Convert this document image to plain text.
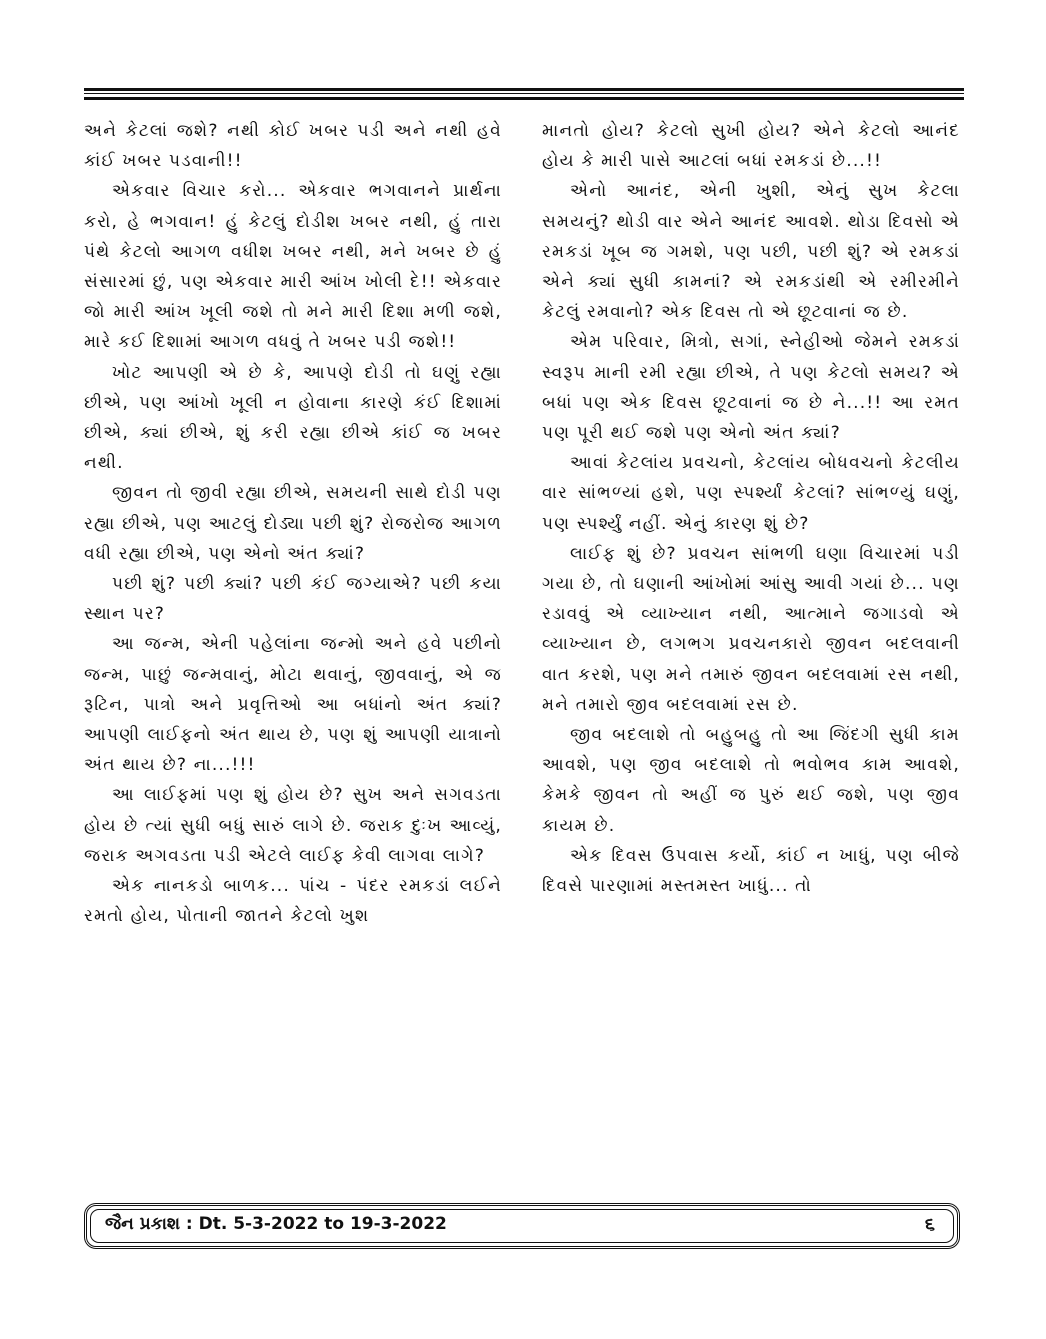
અને કેટલાં જશે? નથી કોઈ ખબર પડી અને નથી હવે કાંઈ ખબર પડવાની!!

એકવાર વિચાર કરો... એકવાર ભગવાનને પ્રાર્થના કરો, હે ભગવાન! હું કેટલું દોડીશ ખબર નથી, હું તારા પંથે કેટલો આગળ વધીશ ખબર નથી, મને ખબર છે હું સંસારમાં છું, પણ એકવાર મારી આંખ ખોલી દે!! એકવાર જો મારી આંખ ખૂલી જશે તો મને મારી દિશા મળી જશે, મારે કઈ દિશામાં આગળ વધવું તે ખબર પડી જશે!!

ખોટ આપણી એ છે કે, આપણે દોડી તો ઘણું રહ્યા છીએ, પણ આંખો ખૂલી ન હોવાના કારણે કંઈ દિશામાં છીએ, ક્યાં છીએ, શું કરી રહ્યા છીએ કાંઈ જ ખબર નથી.

જીવન તો જીવી રહ્યા છીએ, સમયની સાથે દોડી પણ રહ્યા છીએ, પણ આટલું દોડ્યા પછી શું? રોજરોજ આગળ વધી રહ્યા છીએ, પણ એનો અંત ક્યાં?

પછી શું? પછી ક્યાં? પછી કંઈ જગ્યાએ? પછી કયા સ્થાન પર?

આ જન્મ, એની પહેલાંના જન્મો અને હવે પછીનો જન્મ, પાછું જન્મવાનું, મોટા થવાનું, જીવવાનું, એ જ રૂટિન, પાત્રો અને પ્રવૃત્તિઓ આ બધાંનો અંત ક્યાં? આપણી લાઈફનો અંત થાય છે, પણ શું આપણી યાત્રાનો અંત થાય છે? ના...!!!

આ લાઈફમાં પણ શું હોય છે? સુખ અને સગવડતા હોય છે ત્યાં સુધી બધું સારું લાગે છે. જરાક દુઃખ આવ્યું, જરાક અગવડતા પડી એટલે લાઈફ કેવી લાગવા લાગે?

એક નાનકડો બાળક... પાંચ - પંદર રમકડાં લઈને રમતો હોય, પોતાની જાતને કેટલો ખુશ

માનતો હોય? કેટલો સુખી હોય? એને કેટલો આનંદ હોય કે મારી પાસે આટલાં બધાં રમકડાં છે...!!

એનો આનંદ, એની ખુશી, એનું સુખ કેટલા સમયનું? થોડી વાર એને આનંદ આવશે. થોડા દિવસો એ રમકડાં ખૂબ જ ગમશે, પણ પછી, પછી શું? એ રમકડાં એને ક્યાં સુધી કામનાં? એ રમકડાંથી એ રમીરમીને કેટલું રમવાનો? એક દિવસ તો એ છૂટવાનાં જ છે.

એમ પરિવાર, મિત્રો, સગાં, સ્નેહીઓ જેમને રમકડાં સ્વરૂપ માની રમી રહ્યા છીએ, તે પણ કેટલો સમય? એ બધાં પણ એક દિવસ છૂટવાનાં જ છે ને...!! આ રમત પણ પૂરી થઈ જશે પણ એનો અંત ક્યાં?

આવાં કેટલાંય પ્રવચનો, કેટલાંય બોધવચનો કેટલીય વાર સાંભળ્યાં હશે, પણ સ્પર્શ્યાં કેટલાં? સાંભળ્યું ઘણું, પણ સ્પર્શ્યું નહીં. એનું કારણ શું છે?

લાઈફ શું છે? પ્રવચન સાંભળી ઘણા વિચારમાં પડી ગયા છે, તો ઘણાની આંખોમાં આંસુ આવી ગયાં છે... પણ રડાવવું એ વ્યાખ્યાન નથી, આત્માને જગાડવો એ વ્યાખ્યાન છે, લગભગ પ્રવચનકારો જીવન બદલવાની વાત કરશે, પણ મને તમારું જીવન બદલવામાં રસ નથી, મને તમારો જીવ બદલવામાં રસ છે.

જીવ બદલાશે તો બહુબહુ તો આ જિંદગી સુધી કામ આવશે, પણ જીવ બદલાશે તો ભવોભવ કામ આવશે, કેમકે જીવન તો અહીં જ પુરું થઈ જશે, પણ જીવ કાયમ છે.

એક દિવસ ઉપવાસ કર્યો, કાંઈ ન ખાધું, પણ બીજે દિવસે પારણામાં મસ્તમસ્ત ખાધું... તો

જૈન પ્રકાશ : Dt. 5-3-2022 to 19-3-2022	૬
